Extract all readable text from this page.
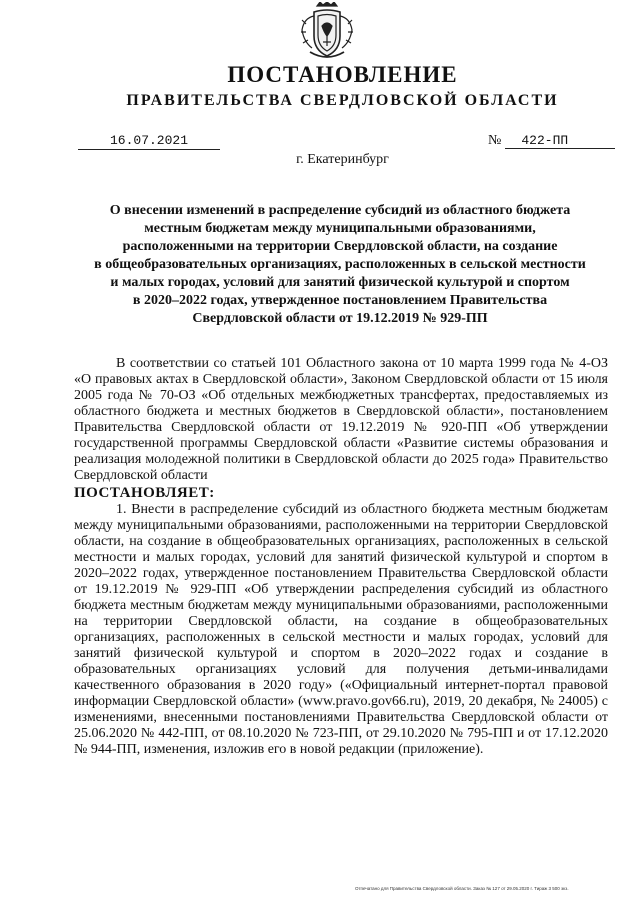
ПОСТАНОВЛЕНИЕ
ПРАВИТЕЛЬСТВА СВЕРДЛОВСКОЙ ОБЛАСТИ
16.07.2021	№ 422-ПП
г. Екатеринбург
О внесении изменений в распределение субсидий из областного бюджета
местным бюджетам между муниципальными образованиями,
расположенными на территории Свердловской области, на создание
в общеобразовательных организациях, расположенных в сельской местности
и малых городах, условий для занятий физической культурой и спортом
в 2020–2022 годах, утвержденное постановлением Правительства
Свердловской области от 19.12.2019 № 929-ПП

В соответствии со статьей 101 Областного закона от 10 марта 1999 года № 4-ОЗ «О правовых актах в Свердловской области», Законом Свердловской области от 15 июля 2005 года № 70-ОЗ «Об отдельных межбюджетных трансфертах, предоставляемых из областного бюджета и местных бюджетов в Свердловской области», постановлением Правительства Свердловской области от 19.12.2019 № 920-ПП «Об утверждении государственной программы Свердловской области «Развитие системы образования и реализация молодежной политики в Свердловской области до 2025 года» Правительство Свердловской области

ПОСТАНОВЛЯЕТ:

1. Внести в распределение субсидий из областного бюджета местным бюджетам между муниципальными образованиями, расположенными на территории Свердловской области, на создание в общеобразовательных организациях, расположенных в сельской местности и малых городах, условий для занятий физической культурой и спортом в 2020–2022 годах, утвержденное постановлением Правительства Свердловской области от 19.12.2019 № 929-ПП «Об утверждении распределения субсидий из областного бюджета местным бюджетам между муниципальными образованиями, расположенными на территории Свердловской области, на создание в общеобразовательных организациях, расположенных в сельской местности и малых городах, условий для занятий физической культурой и спортом в 2020–2022 годах и создание в образовательных организациях условий для получения детьми-инвалидами качественного образования в 2020 году» («Официальный интернет-портал правовой информации Свердловской области» (www.pravo.gov66.ru), 2019, 20 декабря, № 24005) с изменениями, внесенными постановлениями Правительства Свердловской области от 25.06.2020 № 442-ПП, от 08.10.2020 № 723-ПП, от 29.10.2020 № 795-ПП и от 17.12.2020 № 944-ПП, изменения, изложив его в новой редакции (приложение).

Отпечатано для Правительства Свердловской области. Заказ № 127 от 29.05.2020 г. Тираж 3 500 экз.
